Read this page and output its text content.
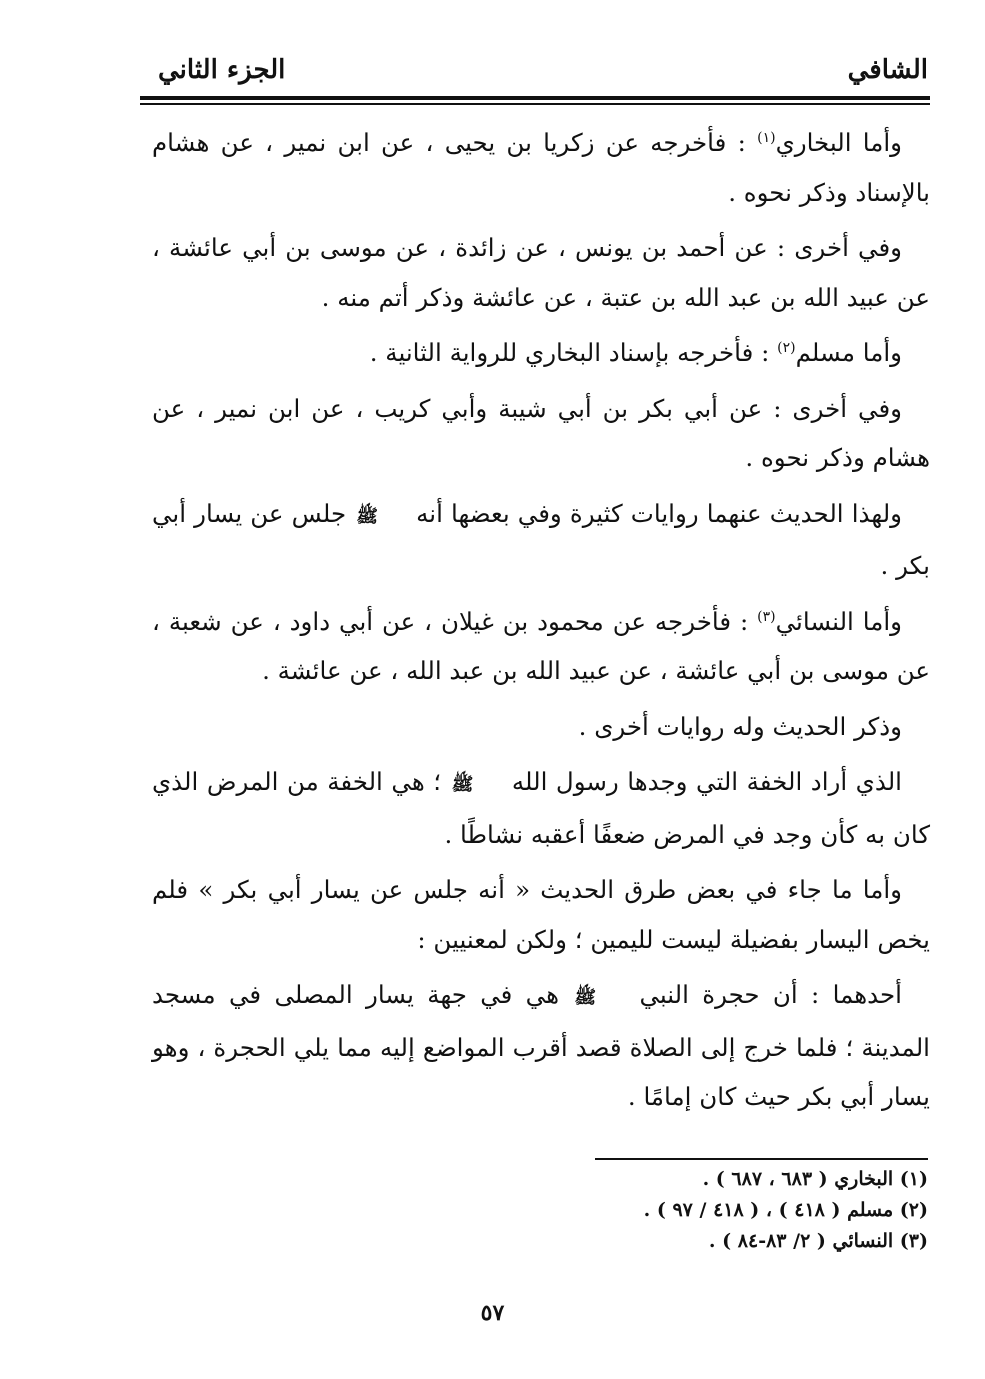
الشافي
الجزء الثاني

وأما البخاري$^{(١)}$ : فأخرجه عن زكريا بن يحيى ، عن ابن نمير ، عن هشام بالإسناد وذكر نحوه .

وفي أخرى : عن أحمد بن يونس ، عن زائدة ، عن موسى بن أبي عائشة ، عن عبيد الله بن عبد الله بن عتبة ، عن عائشة وذكر أتم منه .

وأما مسلم$^{(٢)}$ : فأخرجه بإسناد البخاري للرواية الثانية .

وفي أخرى : عن أبي بكر بن أبي شيبة وأبي كريب ، عن ابن نمير ، عن هشام وذكر نحوه .

ولهذا الحديث عنهما روايات كثيرة وفي بعضها أنه ﷺ جلس عن يسار أبي بكر .

وأما النسائي$^{(٣)}$ : فأخرجه عن محمود بن غيلان ، عن أبي داود ، عن شعبة ، عن موسى بن أبي عائشة ، عن عبيد الله بن عبد الله ، عن عائشة .

وذكر الحديث وله روايات أخرى .

الذي أراد الخفة التي وجدها رسول الله ﷺ ؛ هي الخفة من المرض الذي كان به كأن وجد في المرض ضعفًا أعقبه نشاطًا .

وأما ما جاء في بعض طرق الحديث « أنه جلس عن يسار أبي بكر » فلم يخص اليسار بفضيلة ليست لليمين ؛ ولكن لمعنيين :

أحدهما : أن حجرة النبي ﷺ هي في جهة يسار المصلى في مسجد المدينة ؛ فلما خرج إلى الصلاة قصد أقرب المواضع إليه مما يلي الحجرة ، وهو يسار أبي بكر حيث كان إمامًا .

(١) البخاري ( ٦٨٣ ، ٦٨٧ ) .
(٢) مسلم ( ٤١٨ ) ، ( ٤١٨ / ٩٧ ) .
(٣) النسائي ( ٢/ ٨٣-٨٤ ) .
٥٧
